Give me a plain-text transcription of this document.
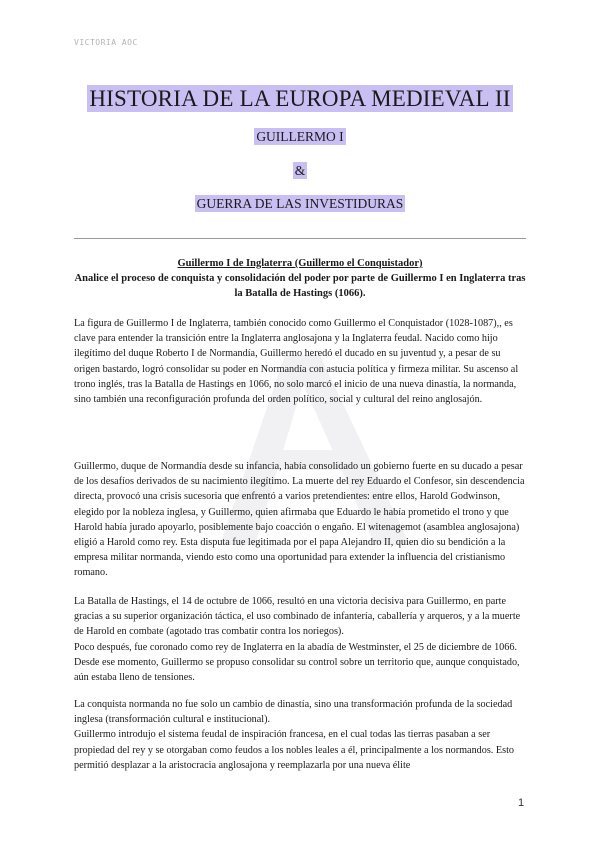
VICTORIA AOC
HISTORIA DE LA EUROPA MEDIEVAL II
GUILLERMO I
&
GUERRA DE LAS INVESTIDURAS
Guillermo I de Inglaterra (Guillermo el Conquistador)
Analice el proceso de conquista y consolidación del poder por parte de Guillermo I en Inglaterra tras la Batalla de Hastings (1066).

La figura de Guillermo I de Inglaterra, también conocido como Guillermo el Conquistador (1028-1087),, es clave para entender la transición entre la Inglaterra anglosajona y la Inglaterra feudal. Nacido como hijo ilegítimo del duque Roberto I de Normandía, Guillermo heredó el ducado en su juventud y, a pesar de su origen bastardo, logró consolidar su poder en Normandía con astucia política y firmeza militar. Su ascenso al trono inglés, tras la Batalla de Hastings en 1066, no solo marcó el inicio de una nueva dinastía, la normanda, sino también una reconfiguración profunda del orden político, social y cultural del reino anglosajón.

Guillermo, duque de Normandía desde su infancia, había consolidado un gobierno fuerte en su ducado a pesar de los desafíos derivados de su nacimiento ilegítimo. La muerte del rey Eduardo el Confesor, sin descendencia directa, provocó una crisis sucesoria que enfrentó a varios pretendientes: entre ellos, Harold Godwinson, elegido por la nobleza inglesa, y Guillermo, quien afirmaba que Eduardo le había prometido el trono y que Harold había jurado apoyarlo, posiblemente bajo coacción o engaño. El witenagemot (asamblea anglosajona) eligió a Harold como rey. Esta disputa fue legitimada por el papa Alejandro II, quien dio su bendición a la empresa militar normanda, viendo esto como una oportunidad para extender la influencia del cristianismo romano.

La Batalla de Hastings, el 14 de octubre de 1066, resultó en una victoria decisiva para Guillermo, en parte gracias a su superior organización táctica, el uso combinado de infantería, caballería y arqueros, y a la muerte de Harold en combate (agotado tras combatir contra los noriegos).

Poco después, fue coronado como rey de Inglaterra en la abadía de Westminster, el 25 de diciembre de 1066. Desde ese momento, Guillermo se propuso consolidar su control sobre un territorio que, aunque conquistado, aún estaba lleno de tensiones.

La conquista normanda no fue solo un cambio de dinastía, sino una transformación profunda de la sociedad inglesa (transformación cultural e institucional).

Guillermo introdujo el sistema feudal de inspiración francesa, en el cual todas las tierras pasaban a ser propiedad del rey y se otorgaban como feudos a los nobles leales a él, principalmente a los normandos. Esto permitió desplazar a la aristocracia anglosajona y reemplazarla por una nueva élite

1
